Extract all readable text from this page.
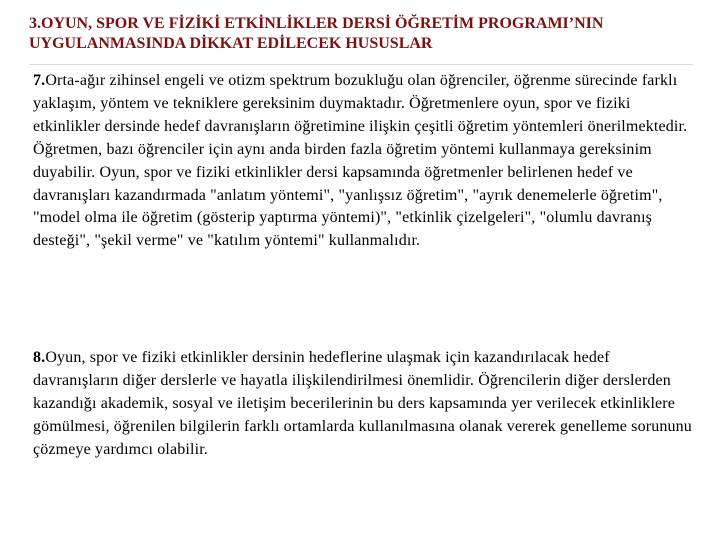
3.OYUN, SPOR VE FİZİKİ ETKİNLİKLER DERSİ ÖĞRETİM PROGRAMI’NIN
UYGULANMASINDA DİKKAT EDİLECEK HUSUSLAR

7.Orta-ağır zihinsel engeli ve otizm spektrum bozukluğu olan öğrenciler, öğrenme sürecinde farklı yaklaşım, yöntem ve tekniklere gereksinim duymaktadır. Öğretmenlere oyun, spor ve fiziki etkinlikler dersinde hedef davranışların öğretimine ilişkin çeşitli öğretim yöntemleri önerilmektedir. Öğretmen, bazı öğrenciler için aynı anda birden fazla öğretim yöntemi kullanmaya gereksinim duyabilir. Oyun, spor ve fiziki etkinlikler dersi kapsamında öğretmenler belirlenen hedef ve davranışları kazandırmada "anlatım yöntemi", "yanlışsız öğretim", "ayrık denemelerle öğretim", "model olma ile öğretim (gösterip yaptırma yöntemi)", "etkinlik çizelgeleri", "olumlu davranış desteği", "şekil verme" ve "katılım yöntemi" kullanmalıdır.

8.Oyun, spor ve fiziki etkinlikler dersinin hedeflerine ulaşmak için kazandırılacak hedef davranışların diğer derslerle ve hayatla ilişkilendirilmesi önemlidir. Öğrencilerin diğer derslerden kazandığı akademik, sosyal ve iletişim becerilerinin bu ders kapsamında yer verilecek etkinliklere gömülmesi, öğrenilen bilgilerin farklı ortamlarda kullanılmasına olanak vererek genelleme sorununu çözmeye yardımcı olabilir.
